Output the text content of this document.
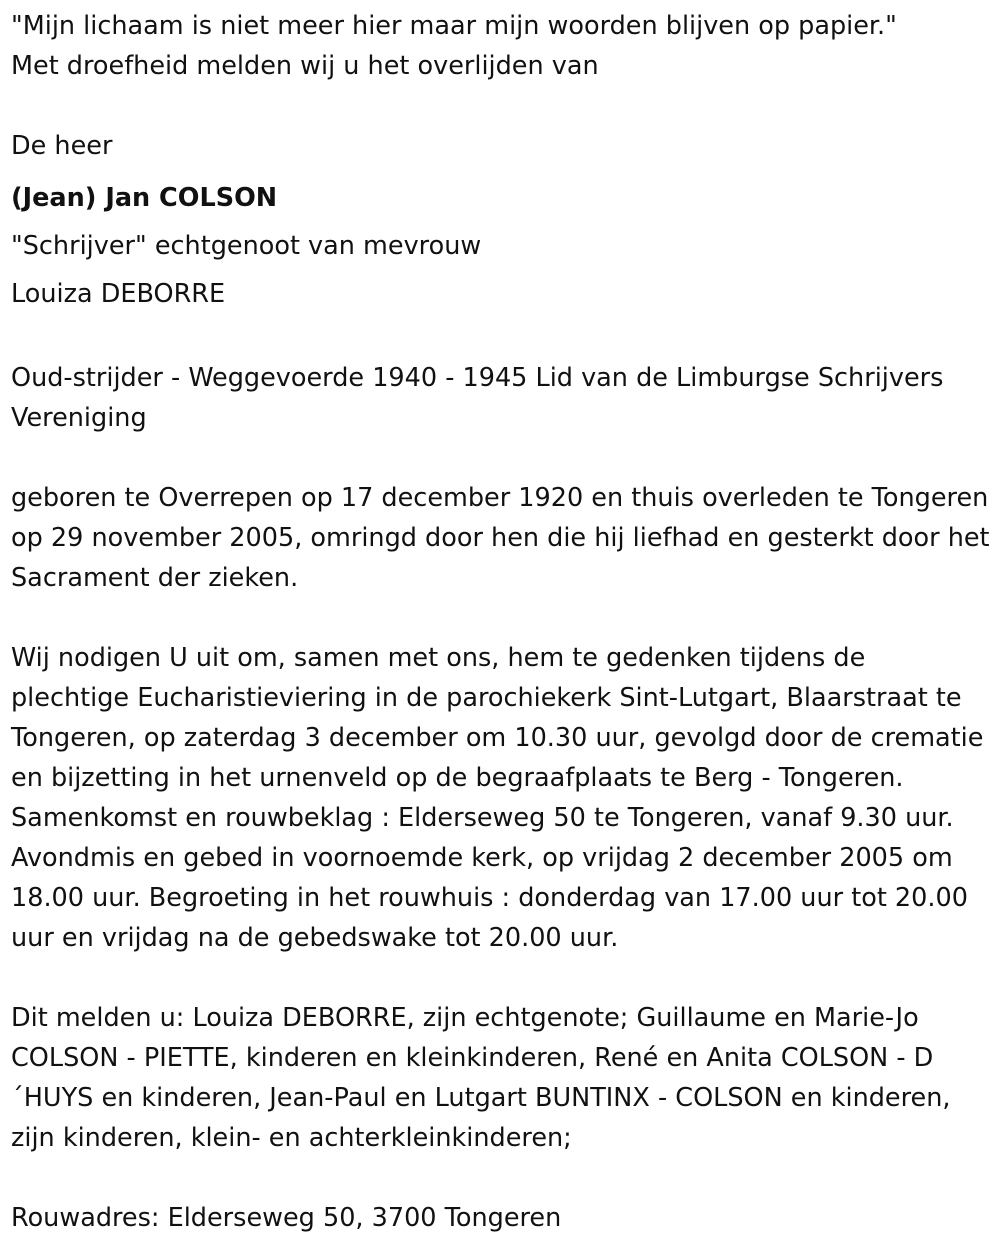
"Mijn lichaam is niet meer hier maar mijn woorden blijven op papier."

Met droefheid melden wij u het overlijden van

De heer

(Jean) Jan COLSON

"Schrijver" echtgenoot van mevrouw

Louiza DEBORRE

Oud-strijder - Weggevoerde 1940 - 1945 Lid van de Limburgse Schrijvers Vereniging

geboren te Overrepen op 17 december 1920 en thuis overleden te Tongeren op 29 november 2005, omringd door hen die hij liefhad en gesterkt door het Sacrament der zieken.

Wij nodigen U uit om, samen met ons, hem te gedenken tijdens de plechtige Eucharistieviering in de parochiekerk Sint-Lutgart, Blaarstraat te Tongeren, op zaterdag 3 december om 10.30 uur, gevolgd door de crematie en bijzetting in het urnenveld op de begraafplaats te Berg - Tongeren. Samenkomst en rouwbeklag : Elderseweg 50 te Tongeren, vanaf 9.30 uur. Avondmis en gebed in voornoemde kerk, op vrijdag 2 december 2005 om 18.00 uur. Begroeting in het rouwhuis : donderdag van 17.00 uur tot 20.00 uur en vrijdag na de gebedswake tot 20.00 uur.

Dit melden u: Louiza DEBORRE, zijn echtgenote; Guillaume en Marie-Jo COLSON - PIETTE, kinderen en kleinkinderen, René en Anita COLSON - D´HUYS en kinderen, Jean-Paul en Lutgart BUNTINX - COLSON en kinderen, zijn kinderen, klein- en achterkleinkinderen;

Rouwadres: Elderseweg 50, 3700 Tongeren
